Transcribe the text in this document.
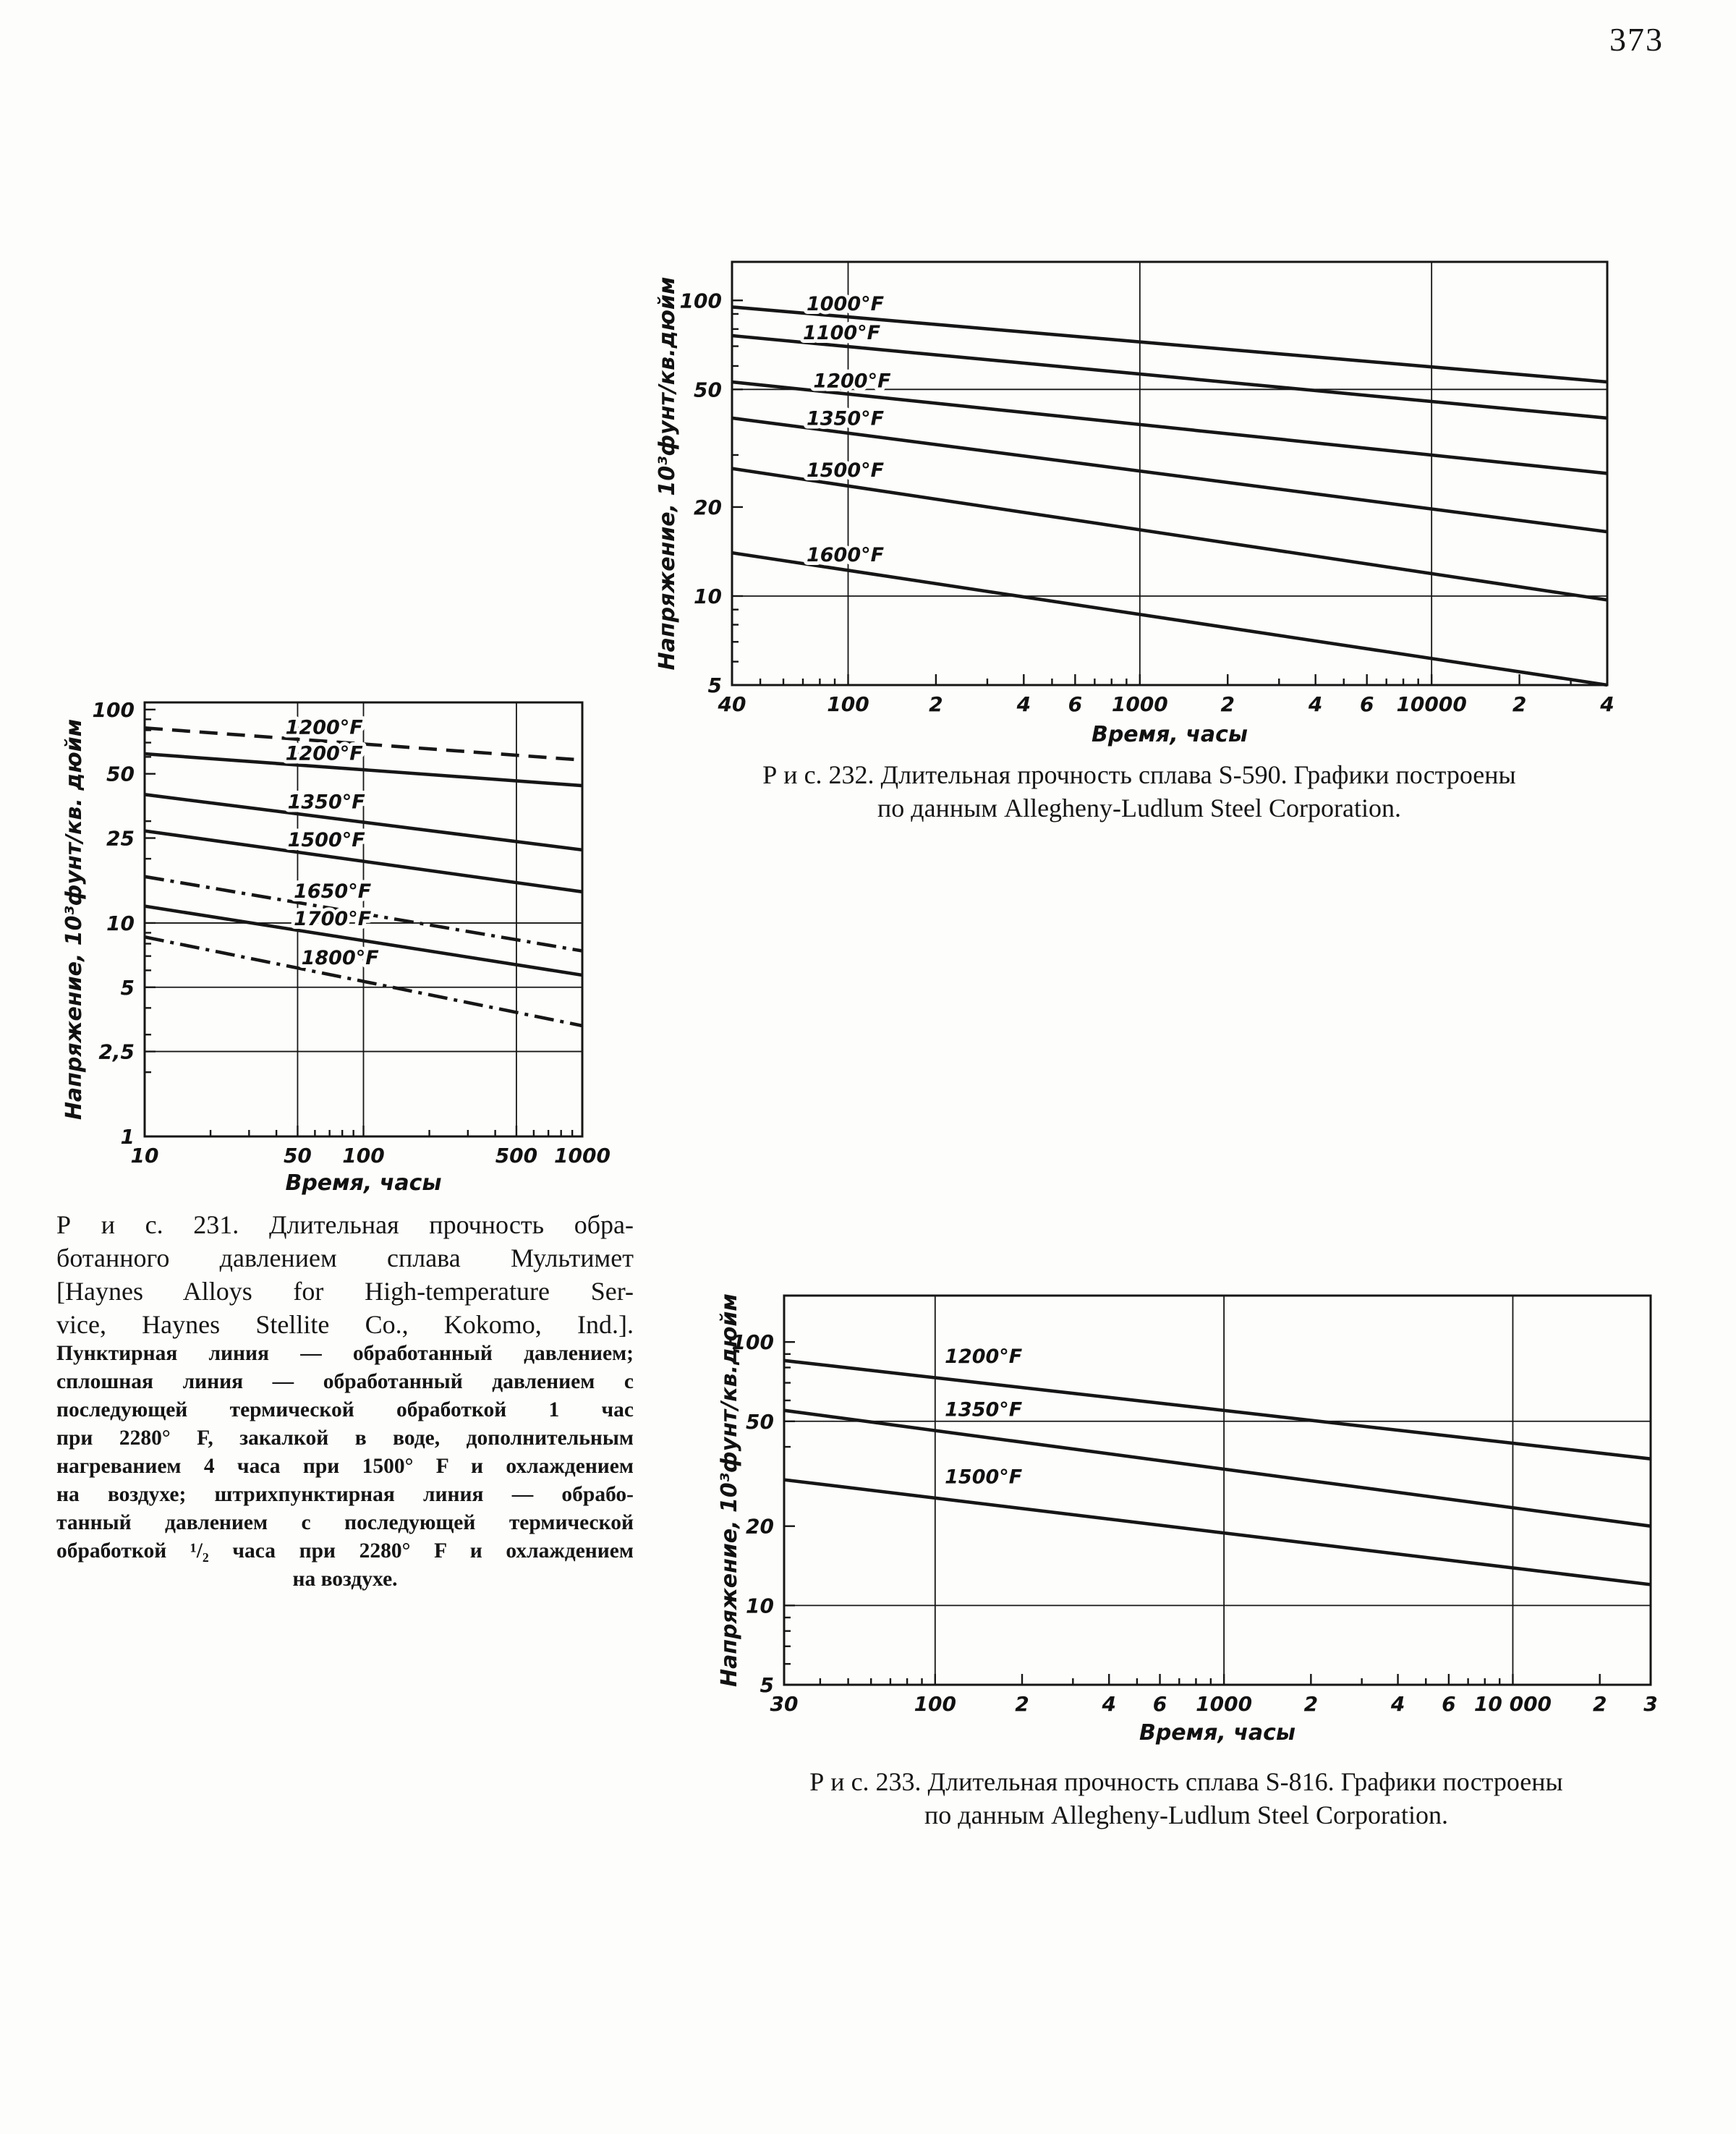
373
40	100	2	4 6 1000	2	4 6 10000 2	4
100
50
20
10
5
1000°F
1100°F
1200°F
1350°F
1500°F
1600°F
Время, часы
Напряжение, 10³фунт/кв.дюйм
Р и с. 232. Длительная прочность сплава S-590. Графики построены
по данным Allegheny-Ludlum Steel Corporation.
10	50 100	500 1000
100
50
25
10
5
2,5
1
1200°F
1200°F
1350°F
1500°F
1650°F
1700°F
1800°F
Время, часы
Напряжение, 10³фунт/кв. дюйм
Р и с. 231. Длительная прочность обра-
ботанного давлением сплава Мультимет
[Haynes Alloys for High-temperature Ser-
vice, Haynes Stellite Co., Kokomo, Ind.].
Пунктирная линия — обработанный давлением;
сплошная линия — обработанный давлением с
последующей термической обработкой 1 час
при 2280° F, закалкой в воде, дополнительным
нагреванием 4 часа при 1500° F и охлаждением
на воздухе; штрихпунктирная линия — обрабо-
танный давлением с последующей термической
обработкой ¹/₂ часа при 2280° F и охлаждением
на воздухе.
30	100	2	4 6 1000	2	4 6 10 000 2 3
100
50
20
10
5
1200°F
1350°F
1500°F
Время, часы
Напряжение, 10³фунт/кв.дюйм
Р и с. 233. Длительная прочность сплава S-816. Графики построены
по данным Allegheny-Ludlum Steel Corporation.
